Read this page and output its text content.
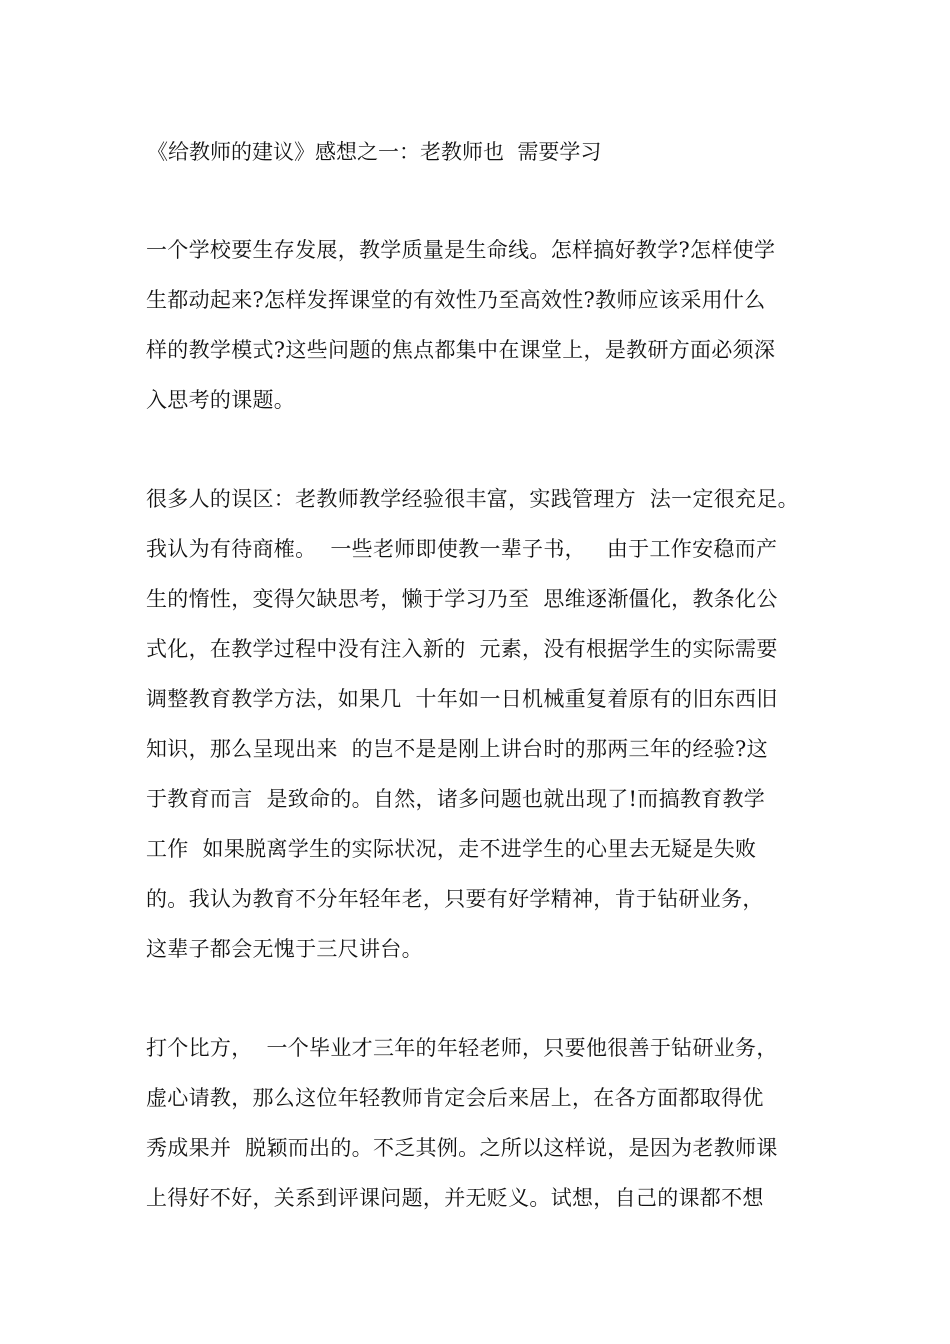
《给教师的建议》感想之一：老教师也  需要学习
一个学校要生存发展，教学质量是生命线。怎样搞好教学?怎样使学
生都动起来?怎样发挥课堂的有效性乃至高效性?教师应该采用什么
样的教学模式?这些问题的焦点都集中在课堂上，是教研方面必须深
入思考的课题。
很多人的误区：老教师教学经验很丰富，实践管理方  法一定很充足。
我认为有待商榷。  一些老师即使教一辈子书，   由于工作安稳而产
生的惰性，变得欠缺思考，懒于学习乃至  思维逐渐僵化，教条化公
式化，在教学过程中没有注入新的  元素，没有根据学生的实际需要
调整教育教学方法，如果几  十年如一日机械重复着原有的旧东西旧
知识，那么呈现出来  的岂不是是刚上讲台时的那两三年的经验?这
于教育而言  是致命的。自然，诸多问题也就出现了!而搞教育教学
工作  如果脱离学生的实际状况，走不进学生的心里去无疑是失败
的。我认为教育不分年轻年老，只要有好学精神，肯于钻研业务，
这辈子都会无愧于三尺讲台。
打个比方，  一个毕业才三年的年轻老师，只要他很善于钻研业务，
虚心请教，那么这位年轻教师肯定会后来居上，在各方面都取得优
秀成果并  脱颖而出的。不乏其例。之所以这样说，是因为老教师课
上得好不好，关系到评课问题，并无贬义。试想，自己的课都不想
